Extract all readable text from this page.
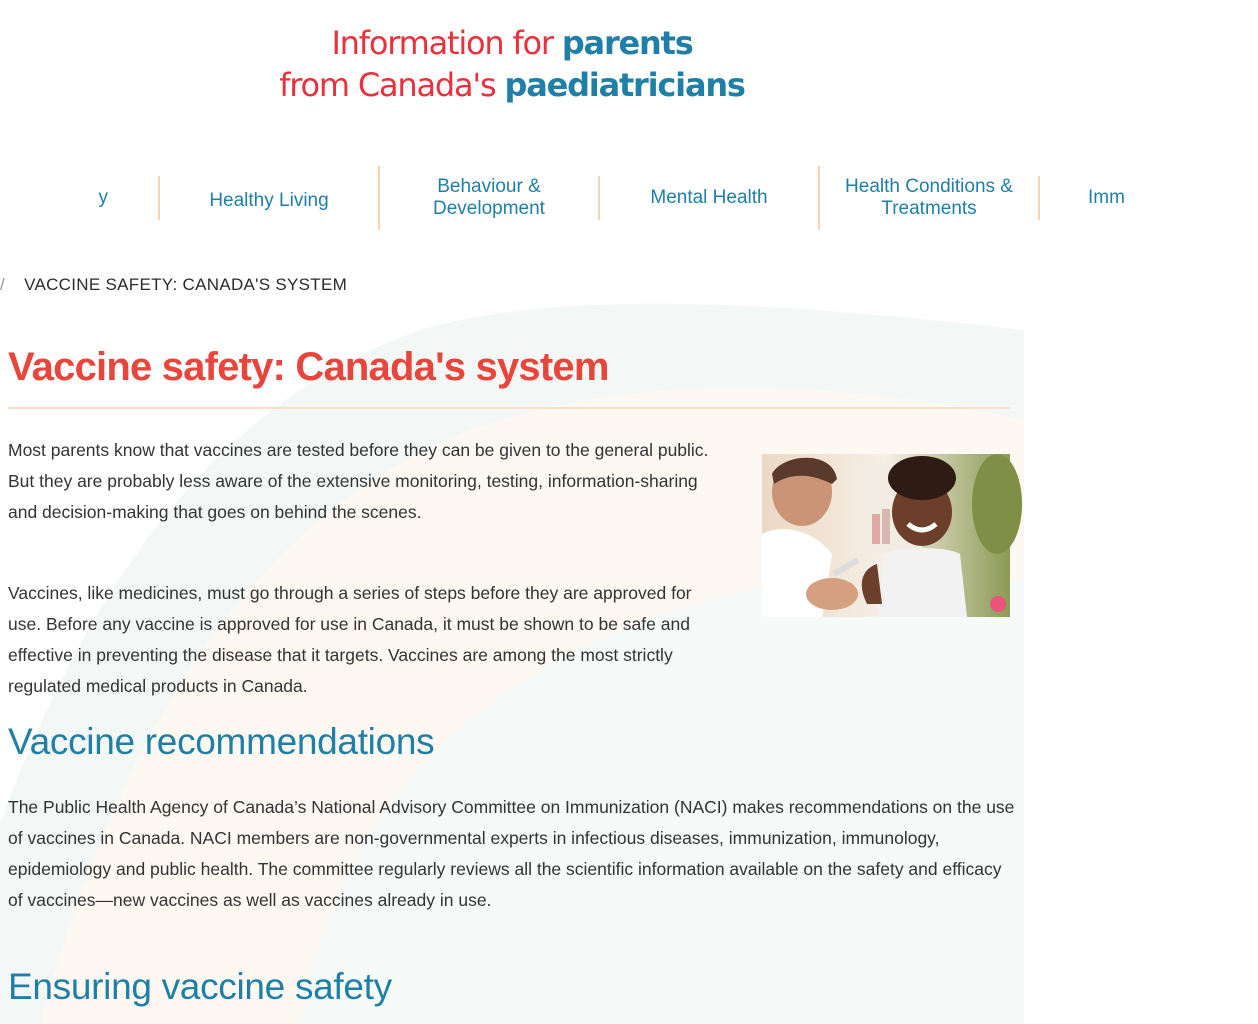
Information for parents
from Canada's paediatricians
y	Healthy Living
Behaviour & Development
Mental Health
Health Conditions & Treatments
Imm
/ VACCINE SAFETY: CANADA'S SYSTEM
Vaccine safety: Canada's system

Most parents know that vaccines are tested before they can be given to the general public. But they are probably less aware of the extensive monitoring, testing, information-sharing and decision-making that goes on behind the scenes.

Vaccines, like medicines, must go through a series of steps before they are approved for use. Before any vaccine is approved for use in Canada, it must be shown to be safe and effective in preventing the disease that it targets. Vaccines are among the most strictly regulated medical products in Canada.

Vaccine recommendations

The Public Health Agency of Canada’s National Advisory Committee on Immunization (NACI) makes recommendations on the use of vaccines in Canada. NACI members are non-governmental experts in infectious diseases, immunization, immunology, epidemiology and public health. The committee regularly reviews all the scientific information available on the safety and efficacy of vaccines—new vaccines as well as vaccines already in use.

Ensuring vaccine safety
